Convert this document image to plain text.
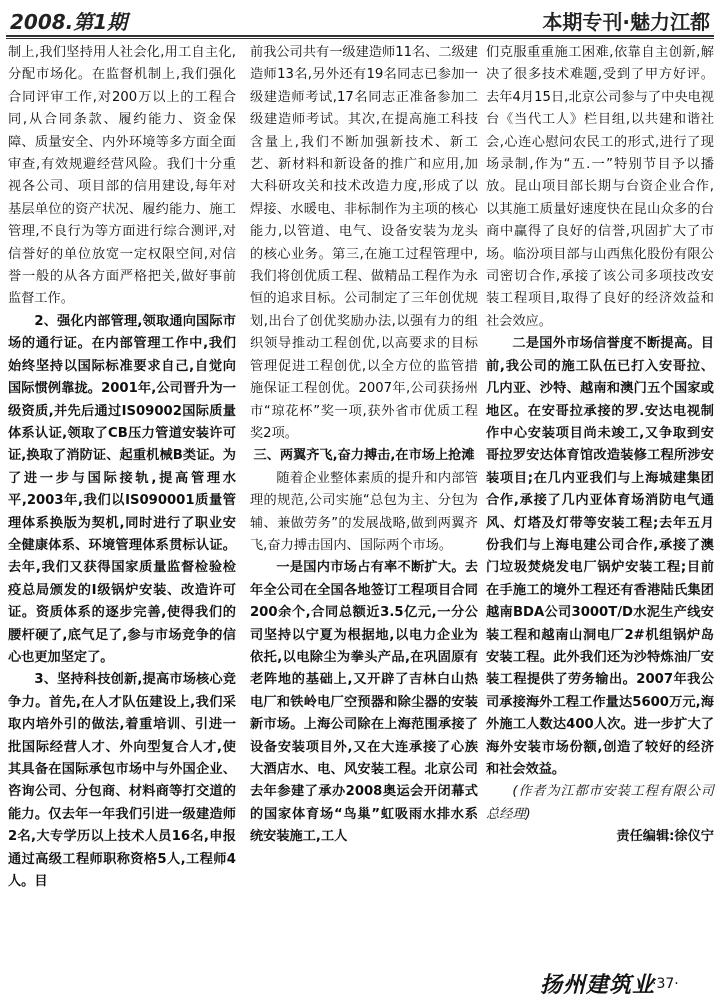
2008.第1期	本期专刊·魅力江都

制上,我们坚持用人社会化,用工自主化,分配市场化。在监督机制上,我们强化合同评审工作,对200万以上的工程合同,从合同条款、履约能力、资金保障、质量安全、内外环境等多方面全面审查,有效规避经营风险。我们十分重视各公司、项目部的信用建设,每年对基层单位的资产状况、履约能力、施工管理,不良行为等方面进行综合测评,对信誉好的单位放宽一定权限空间,对信誉一般的从各方面严格把关,做好事前监督工作。

2、强化内部管理,领取通向国际市场的通行证。在内部管理工作中,我们始终坚持以国际标准要求自己,自觉向国际惯例靠拢。2001年,公司晋升为一级资质,并先后通过IS09002国际质量体系认证,领取了CB压力管道安装许可证,换取了消防证、起重机械B类证。为了进一步与国际接轨,提高管理水平,2003年,我们以IS090001质量管理体系换版为契机,同时进行了职业安全健康体系、环境管理体系贯标认证。去年,我们又获得国家质量监督检验检疫总局颁发的Ⅰ级锅炉安装、改造许可证。资质体系的逐步完善,使得我们的腰杆硬了,底气足了,参与市场竞争的信心也更加坚定了。

3、坚持科技创新,提高市场核心竞争力。首先,在人才队伍建设上,我们采取内培外引的做法,着重培训、引进一批国际经营人才、外向型复合人才,使其具备在国际承包市场中与外国企业、咨询公司、分包商、材料商等打交道的能力。仅去年一年我们引进一级建造师2名,大专学历以上技术人员16名,申报通过高级工程师职称资格5人,工程师4人。目

前我公司共有一级建造师11名、二级建造师13名,另外还有19名同志已参加一级建造师考试,17名同志正准备参加二级建造师考试。其次,在提高施工科技含量上,我们不断加强新技术、新工艺、新材料和新设备的推广和应用,加大科研攻关和技术改造力度,形成了以焊接、水暖电、非标制作为主项的核心能力,以管道、电气、设备安装为龙头的核心业务。第三,在施工过程管理中,我们将创优质工程、做精品工程作为永恒的追求目标。公司制定了三年创优规划,出台了创优奖励办法,以强有力的组织领导推动工程创优,以高要求的目标管理促进工程创优,以全方位的监管措施保证工程创优。2007年,公司获扬州市“琼花杯”奖一项,获外省市优质工程奖2项。

三、两翼齐飞,奋力搏击,在市场上抢滩

随着企业整体素质的提升和内部管理的规范,公司实施“总包为主、分包为辅、兼做劳务”的发展战略,做到两翼齐飞,奋力搏击国内、国际两个市场。

一是国内市场占有率不断扩大。去年全公司在全国各地签订工程项目合同200余个,合同总额近3.5亿元,一分公司坚持以宁夏为根据地,以电力企业为依托,以电除尘为拳头产品,在巩固原有老阵地的基础上,又开辟了吉林白山热电厂和铁岭电厂空预器和除尘器的安装新市场。上海公司除在上海范围承接了设备安装项目外,又在大连承接了心族大酒店水、电、风安装工程。北京公司去年参建了承办2008奥运会开闭幕式的国家体育场“鸟巢”虹吸雨水排水系统安装施工,工人

们克服重重施工困难,依靠自主创新,解决了很多技术难题,受到了甲方好评。去年4月15日,北京公司参与了中央电视台《当代工人》栏目组,以共建和谐社会,心连心慰问农民工的形式,进行了现场录制,作为“五.一”特别节目予以播放。昆山项目部长期与台资企业合作,以其施工质量好速度快在昆山众多的台商中赢得了良好的信誉,巩固扩大了市场。临汾项目部与山西焦化股份有限公司密切合作,承接了该公司多项技改安装工程项目,取得了良好的经济效益和社会效应。

二是国外市场信誉度不断提高。目前,我公司的施工队伍已打入安哥拉、几内亚、沙特、越南和澳门五个国家或地区。在安哥拉承接的罗.安达电视制作中心安装项目尚未竣工,又争取到安哥拉罗安达体育馆改造装修工程所涉安装项目;在几内亚我们与上海城建集团合作,承接了几内亚体育场消防电气通风、灯塔及灯带等安装工程;去年五月份我们与上海电建公司合作,承接了澳门垃圾焚烧发电厂锅炉安装工程;目前在手施工的境外工程还有香港陆氏集团越南BDA公司3000T/D水泥生产线安装工程和越南山洞电厂2#机组锅炉岛安装工程。此外我们还为沙特炼油厂安装工程提供了劳务输出。2007年我公司承接海外工程工作量达5600万元,海外施工人数达400人次。进一步扩大了海外安装市场份额,创造了较好的经济和社会效益。

(作者为江都市安装工程有限公司总经理)

责任编辑:徐仪宁

扬州建筑业
·37·
